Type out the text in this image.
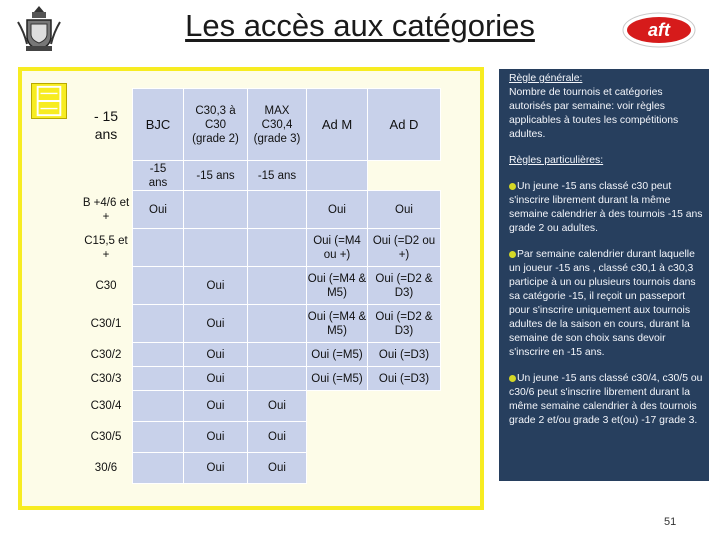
Les accès aux catégories	aft
- 15 ans	BJC	C30,3 à C30 (grade 2)	MAX C30,4 (grade 3)	Ad M	Ad D
	-15 ans	-15 ans	-15 ans		
B +4/6 et +	Oui			Oui	Oui
C15,5 et +				Oui (=M4 ou +)	Oui (=D2 ou +)
C30		Oui		Oui (=M4 & M5)	Oui (=D2 & D3)
C30/1		Oui		Oui (=M4 & M5)	Oui (=D2 & D3)
C30/2		Oui		Oui (=M5)	Oui (=D3)
C30/3		Oui		Oui (=M5)	Oui (=D3)
C30/4		Oui	Oui		
C30/5		Oui	Oui		
30/6		Oui	Oui		

Règle générale:

Nombre de tournois et catégories autorisés par semaine: voir règles applicables à toutes les compétitions adultes.

Règles particulières:

Un jeune -15 ans classé c30 peut s'inscrire librement durant la même semaine calendrier à des tournois -15 ans grade 2 ou adultes.

Par semaine calendrier durant laquelle un joueur -15 ans , classé c30,1 à c30,3 participe à un ou plusieurs tournois dans sa catégorie -15, il reçoit un passeport pour s'inscrire uniquement aux tournois adultes de la saison en cours, durant la semaine de son choix sans devoir s'inscrire en -15 ans.

Un jeune -15 ans classé c30/4, c30/5 ou c30/6 peut s'inscrire librement durant la même semaine calendrier à des tournois grade 2 et/ou grade 3 et(ou) -17 grade 3.

51
